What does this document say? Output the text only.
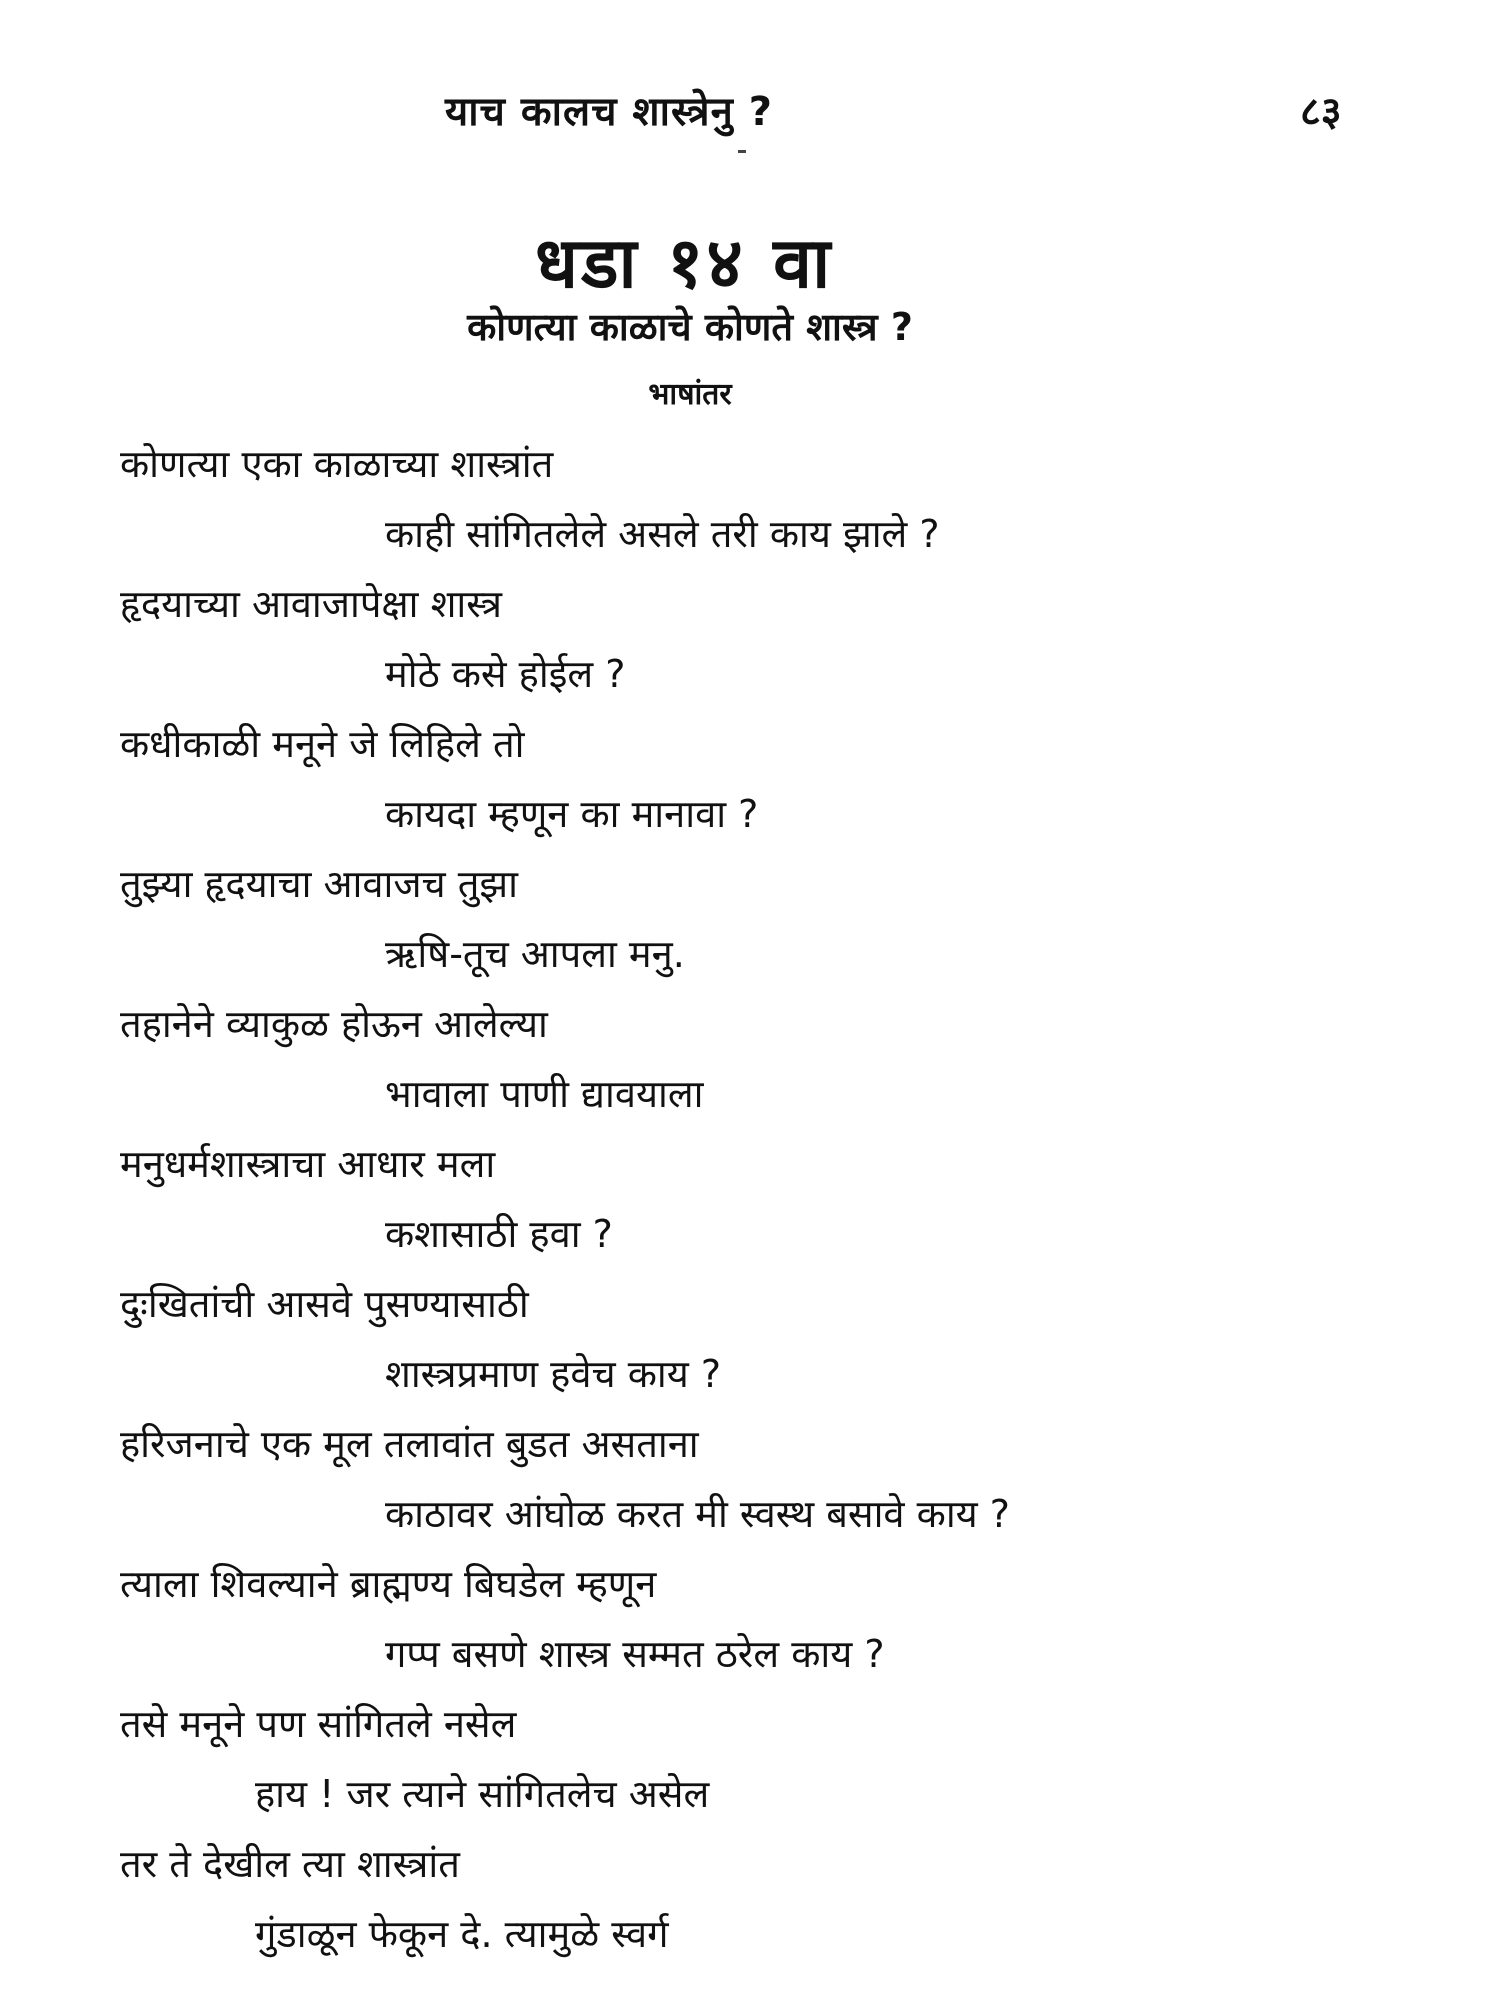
याच कालच शास्त्रेनु ?	८३
धडा १४ वा
कोणत्या काळाचे कोणते शास्त्र ?
भाषांतर
कोणत्या एका काळाच्या शास्त्रांत
काही सांगितलेले असले तरी काय झाले ?
हृदयाच्या आवाजापेक्षा शास्त्र
मोठे कसे होईल ?
कधीकाळी मनूने जे लिहिले तो
कायदा म्हणून का मानावा ?
तुझ्या हृदयाचा आवाजच तुझा
ऋषि-तूच आपला मनु.
तहानेने व्याकुळ होऊन आलेल्या
भावाला पाणी द्यावयाला
मनुधर्मशास्त्राचा आधार मला
कशासाठी हवा ?
दुःखितांची आसवे पुसण्यासाठी
शास्त्रप्रमाण हवेच काय ?
हरिजनाचे एक मूल तलावांत बुडत असताना
काठावर आंघोळ करत मी स्वस्थ बसावे काय ?
त्याला शिवल्याने ब्राह्मण्य बिघडेल म्हणून
गप्प बसणे शास्त्र सम्मत ठरेल काय ?
तसे मनूने पण सांगितले नसेल
हाय ! जर त्याने सांगितलेच असेल
तर ते देखील त्या शास्त्रांत
गुंडाळून फेकून दे. त्यामुळे स्वर्ग
